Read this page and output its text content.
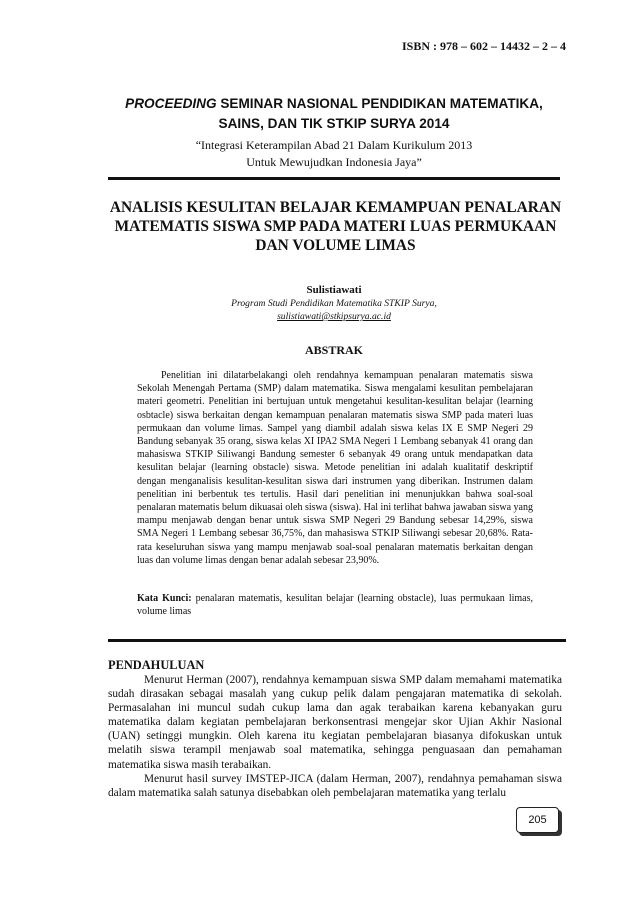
ISBN : 978 – 602 – 14432 – 2 – 4
PROCEEDING SEMINAR NASIONAL PENDIDIKAN MATEMATIKA,
SAINS, DAN TIK STKIP SURYA 2014
“Integrasi Keterampilan Abad 21 Dalam Kurikulum 2013
Untuk Mewujudkan Indonesia Jaya”
ANALISIS KESULITAN BELAJAR KEMAMPUAN PENALARAN
MATEMATIS SISWA SMP PADA MATERI LUAS PERMUKAAN
DAN VOLUME LIMAS
Sulistiawati
Program Studi Pendidikan Matematika STKIP Surya,
sulistiawati@stkipsurya.ac.id
ABSTRAK
Penelitian ini dilatarbelakangi oleh rendahnya kemampuan penalaran matematis siswa Sekolah Menengah Pertama (SMP) dalam matematika. Siswa mengalami kesulitan pembelajaran materi geometri. Penelitian ini bertujuan untuk mengetahui kesulitan-kesulitan belajar (learning osbtacle) siswa berkaitan dengan kemampuan penalaran matematis siswa SMP pada materi luas permukaan dan volume limas. Sampel yang diambil adalah siswa kelas IX E SMP Negeri 29 Bandung sebanyak 35 orang, siswa kelas XI IPA2 SMA Negeri 1 Lembang sebanyak 41 orang dan mahasiswa STKIP Siliwangi Bandung semester 6 sebanyak 49 orang untuk mendapatkan data kesulitan belajar (learning obstacle) siswa. Metode penelitian ini adalah kualitatif deskriptif dengan menganalisis kesulitan-kesulitan siswa dari instrumen yang diberikan. Instrumen dalam penelitian ini berbentuk tes tertulis. Hasil dari penelitian ini menunjukkan bahwa soal-soal penalaran matematis belum dikuasai oleh siswa (siswa). Hal ini terlihat bahwa jawaban siswa yang mampu menjawab dengan benar untuk siswa SMP Negeri 29 Bandung sebesar 14,29%, siswa SMA Negeri 1 Lembang sebesar 36,75%, dan mahasiswa STKIP Siliwangi sebesar 20,68%. Rata-rata keseluruhan siswa yang mampu menjawab soal-soal penalaran matematis berkaitan dengan luas dan volume limas dengan benar adalah sebesar 23,90%.
Kata Kunci: penalaran matematis, kesulitan belajar (learning obstacle), luas permukaan limas, volume limas
PENDAHULUAN

Menurut Herman (2007), rendahnya kemampuan siswa SMP dalam memahami matematika sudah dirasakan sebagai masalah yang cukup pelik dalam pengajaran matematika di sekolah. Permasalahan ini muncul sudah cukup lama dan agak terabaikan karena kebanyakan guru matematika dalam kegiatan pembelajaran berkonsentrasi mengejar skor Ujian Akhir Nasional (UAN) setinggi mungkin. Oleh karena itu kegiatan pembelajaran biasanya difokuskan untuk melatih siswa terampil menjawab soal matematika, sehingga penguasaan dan pemahaman matematika siswa masih terabaikan.

Menurut hasil survey IMSTEP-JICA (dalam Herman, 2007), rendahnya pemahaman siswa dalam matematika salah satunya disebabkan oleh pembelajaran matematika yang terlalu

205
